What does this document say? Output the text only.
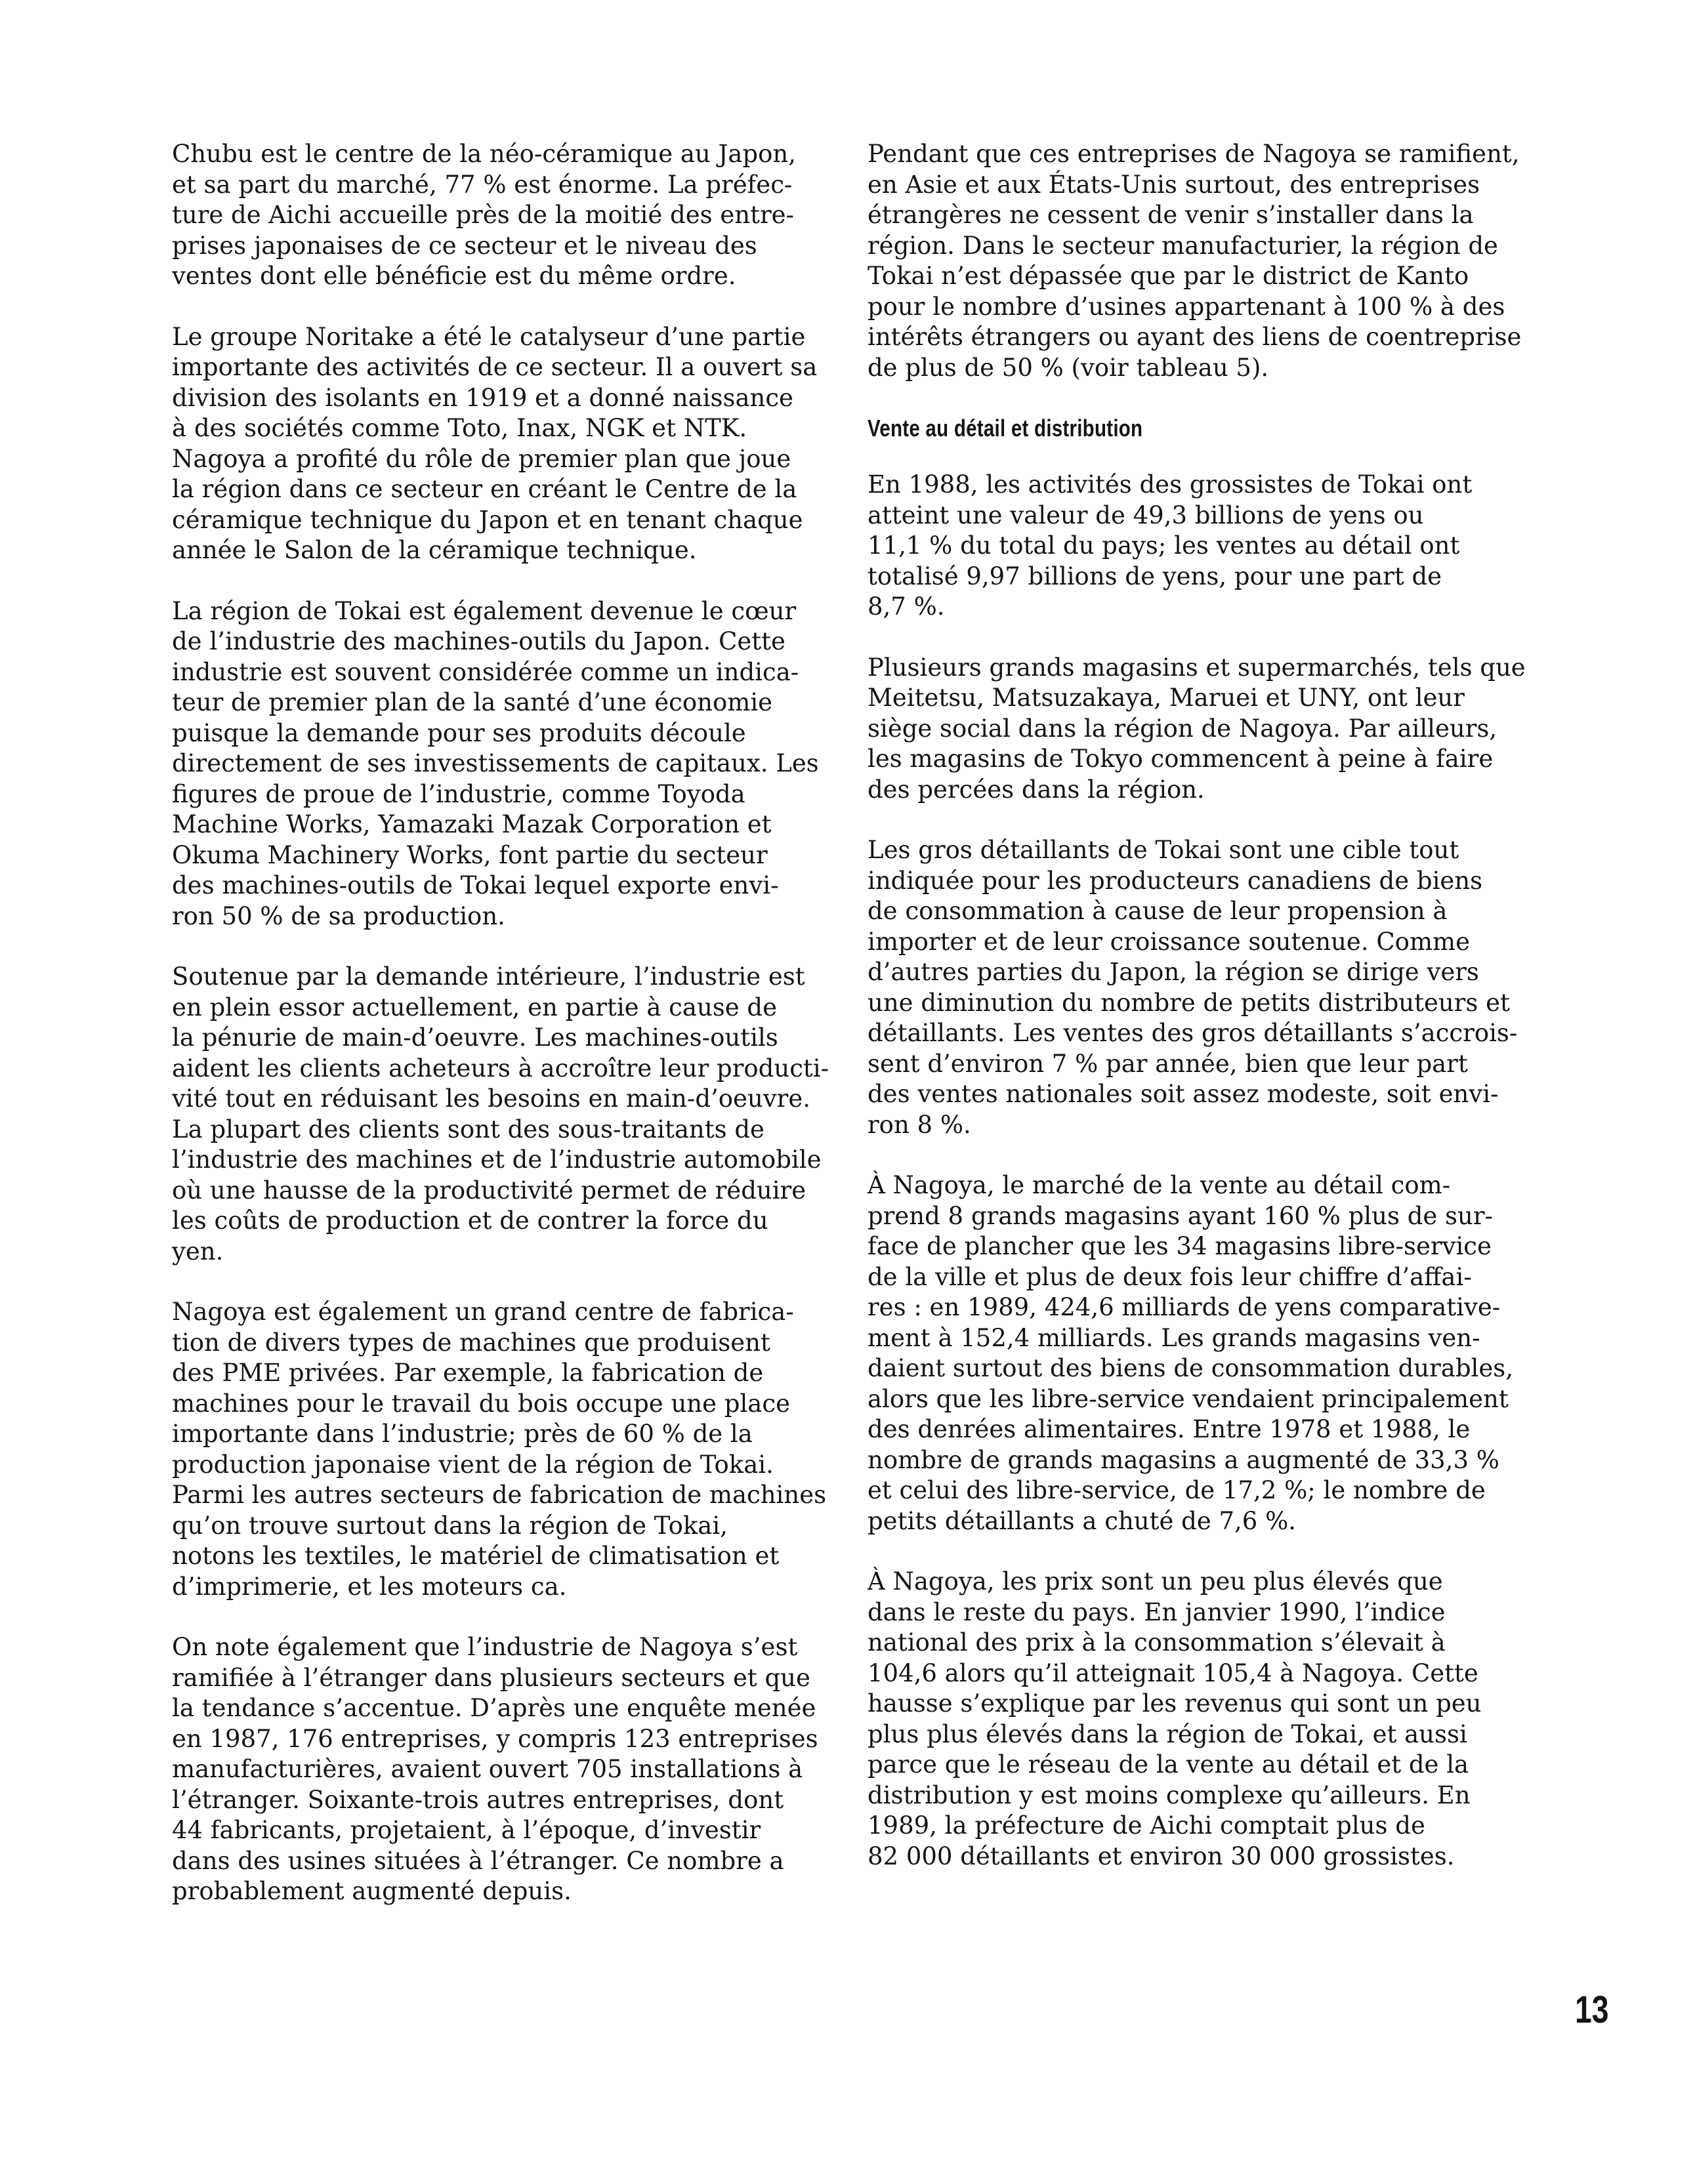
Chubu est le centre de la néo-céramique au Japon,
et sa part du marché, 77 % est énorme. La préfec-
ture de Aichi accueille près de la moitié des entre-
prises japonaises de ce secteur et le niveau des
ventes dont elle bénéficie est du même ordre.

Le groupe Noritake a été le catalyseur d’une partie
importante des activités de ce secteur. Il a ouvert sa
division des isolants en 1919 et a donné naissance
à des sociétés comme Toto, Inax, NGK et NTK.
Nagoya a profité du rôle de premier plan que joue
la région dans ce secteur en créant le Centre de la
céramique technique du Japon et en tenant chaque
année le Salon de la céramique technique.

La région de Tokai est également devenue le cœur
de l’industrie des machines-outils du Japon. Cette
industrie est souvent considérée comme un indica-
teur de premier plan de la santé d’une économie
puisque la demande pour ses produits découle
directement de ses investissements de capitaux. Les
figures de proue de l’industrie, comme Toyoda
Machine Works, Yamazaki Mazak Corporation et
Okuma Machinery Works, font partie du secteur
des machines-outils de Tokai lequel exporte envi-
ron 50 % de sa production.

Soutenue par la demande intérieure, l’industrie est
en plein essor actuellement, en partie à cause de
la pénurie de main-d’oeuvre. Les machines-outils
aident les clients acheteurs à accroître leur producti-
vité tout en réduisant les besoins en main-d’oeuvre.
La plupart des clients sont des sous-traitants de
l’industrie des machines et de l’industrie automobile
où une hausse de la productivité permet de réduire
les coûts de production et de contrer la force du
yen.

Nagoya est également un grand centre de fabrica-
tion de divers types de machines que produisent
des PME privées. Par exemple, la fabrication de
machines pour le travail du bois occupe une place
importante dans l’industrie; près de 60 % de la
production japonaise vient de la région de Tokai.
Parmi les autres secteurs de fabrication de machines
qu’on trouve surtout dans la région de Tokai,
notons les textiles, le matériel de climatisation et
d’imprimerie, et les moteurs ca.

On note également que l’industrie de Nagoya s’est
ramifiée à l’étranger dans plusieurs secteurs et que
la tendance s’accentue. D’après une enquête menée
en 1987, 176 entreprises, y compris 123 entreprises
manufacturières, avaient ouvert 705 installations à
l’étranger. Soixante-trois autres entreprises, dont
44 fabricants, projetaient, à l’époque, d’investir
dans des usines situées à l’étranger. Ce nombre a
probablement augmenté depuis.

Pendant que ces entreprises de Nagoya se ramifient,
en Asie et aux États-Unis surtout, des entreprises
étrangères ne cessent de venir s’installer dans la
région. Dans le secteur manufacturier, la région de
Tokai n’est dépassée que par le district de Kanto
pour le nombre d’usines appartenant à 100 % à des
intérêts étrangers ou ayant des liens de coentreprise
de plus de 50 % (voir tableau 5).

Vente au détail et distribution

En 1988, les activités des grossistes de Tokai ont
atteint une valeur de 49,3 billions de yens ou
11,1 % du total du pays; les ventes au détail ont
totalisé 9,97 billions de yens, pour une part de
8,7 %.

Plusieurs grands magasins et supermarchés, tels que
Meitetsu, Matsuzakaya, Maruei et UNY, ont leur
siège social dans la région de Nagoya. Par ailleurs,
les magasins de Tokyo commencent à peine à faire
des percées dans la région.

Les gros détaillants de Tokai sont une cible tout
indiquée pour les producteurs canadiens de biens
de consommation à cause de leur propension à
importer et de leur croissance soutenue. Comme
d’autres parties du Japon, la région se dirige vers
une diminution du nombre de petits distributeurs et
détaillants. Les ventes des gros détaillants s’accrois-
sent d’environ 7 % par année, bien que leur part
des ventes nationales soit assez modeste, soit envi-
ron 8 %.

À Nagoya, le marché de la vente au détail com-
prend 8 grands magasins ayant 160 % plus de sur-
face de plancher que les 34 magasins libre-service
de la ville et plus de deux fois leur chiffre d’affai-
res : en 1989, 424,6 milliards de yens comparative-
ment à 152,4 milliards. Les grands magasins ven-
daient surtout des biens de consommation durables,
alors que les libre-service vendaient principalement
des denrées alimentaires. Entre 1978 et 1988, le
nombre de grands magasins a augmenté de 33,3 %
et celui des libre-service, de 17,2 %; le nombre de
petits détaillants a chuté de 7,6 %.

À Nagoya, les prix sont un peu plus élevés que
dans le reste du pays. En janvier 1990, l’indice
national des prix à la consommation s’élevait à
104,6 alors qu’il atteignait 105,4 à Nagoya. Cette
hausse s’explique par les revenus qui sont un peu
plus plus élevés dans la région de Tokai, et aussi
parce que le réseau de la vente au détail et de la
distribution y est moins complexe qu’ailleurs. En
1989, la préfecture de Aichi comptait plus de
82 000 détaillants et environ 30 000 grossistes.

13
